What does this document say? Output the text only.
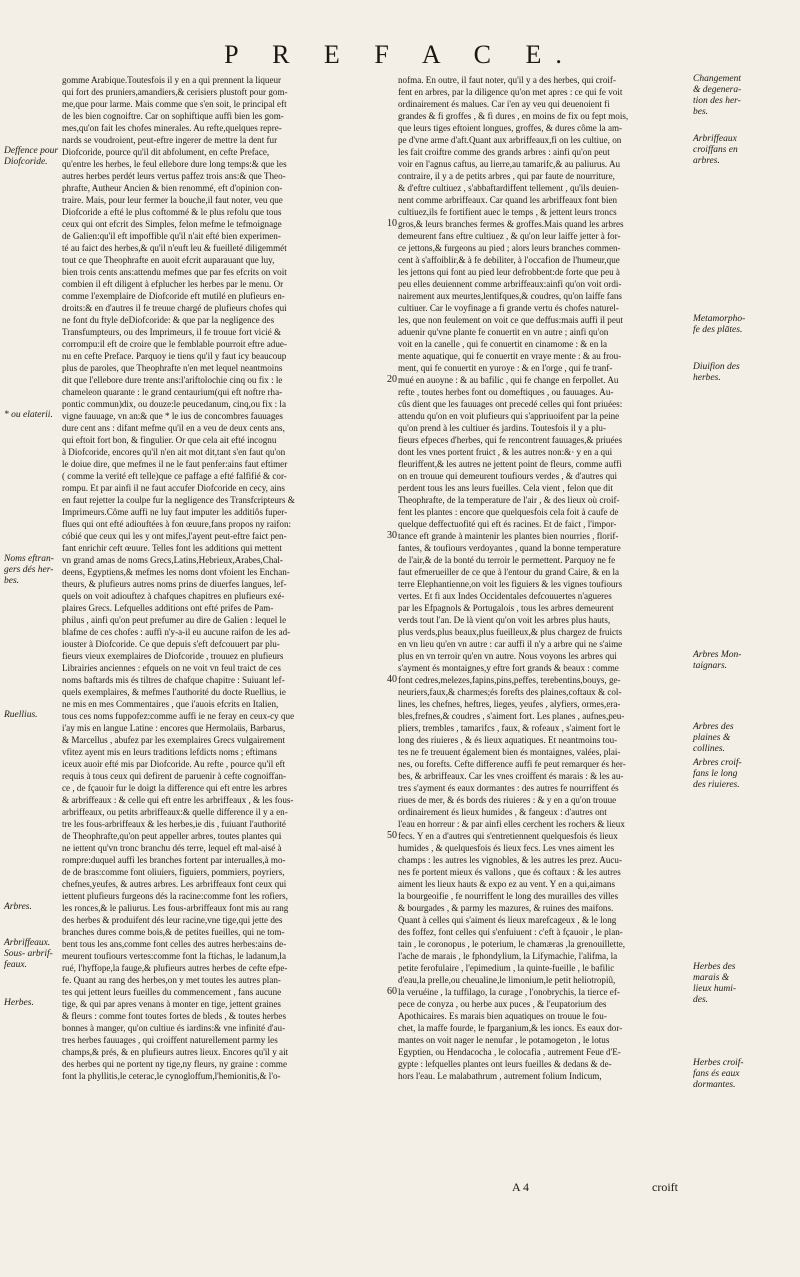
P R E F A C E.

gomme Arabique.Toutesfois il y en a qui prennent la liqueur

qui fort des pruniers,amandiers,& cerisiers plustoft pour gom-

me,que pour larme. Mais comme que s'en soit, le principal eft

de les bien cognoiftre. Car on sophiftique auffi bien les gom-

mes,qu'on fait les chofes minerales. Au refte,quelques repre-

nards se voudroient, peut-eftre ingerer de mettre la dent fur

Diofcoride, pource qu'il dit abfolument, en cefte Preface,

qu'entre les herbes, le feul ellebore dure long temps:& que les

autres herbes perdét leurs vertus paffez trois ans:& que Theo-

phrafte, Autheur Ancien & bien renommé, eft d'opinion con-

traire. Mais, pour leur fermer la bouche,il faut noter, veu que

Diofcoride a efté le plus coftommé & le plus refolu que tous

ceux qui ont efcrit des Simples, felon mefme le tefmoignage

de Galien:qu'il eft impoffible qu'il n'ait efté bien experimen-

té au faict des herbes,& qu'il n'euft leu & fueilleté diligemmét

tout ce que Theophrafte en auoit efcrit auparauant que luy,

bien trois cents ans:attendu mefmes que par fes efcrits on voit

combien il eft diligent à efplucher les herbes par le menu. Or

comme l'exemplaire de Diofcoride eft mutilé en plufieurs en-

droits:& en d'autres il fe treuue chargé de plufieurs chofes qui

ne font du ftyle deDiofcoride: & que par la negligence des

Transfumpteurs, ou des Imprimeurs, il fe trouue fort vicié &

corrompu:il eft de croire que le femblable pourroit eftre adue-

nu en cefte Preface. Parquoy ie tiens qu'il y faut icy beaucoup

plus de paroles, que Theophrafte n'en met lequel neantmoins

dit que l'ellebore dure trente ans:l'ariftolochie cinq ou fix : le

chameleon quarante : le grand centaurium(qui eft noftre rha-

pontic commun)dix, ou douze:le peucedanum, cinq,ou fix : la

vigne fauuage, vn an:& que * le ius de concombres fauuages

dure cent ans : difant mefme qu'il en a veu de deux cents ans,

qui eftoit fort bon, & fingulier. Or que cela ait efté incognu

à Diofcoride, encores qu'il n'en ait mot dit,tant s'en faut qu'on

le doiue dire, que mefmes il ne le faut penfer:ains faut eftimer

( comme la verité eft telle)que ce paffage a efté falfifié & cor-

rompu. Et par ainfi il ne faut accufer Diofcoride en cecy, ains

en faut rejetter la coulpe fur la negligence des Transfcripteurs &

Imprimeurs.Côme auffi ne luy faut imputer les additiôs fuper-

flues qui ont efté adiouftées à fon œuure,fans propos ny raifon:

cóbié que ceux qui les y ont mifes,l'ayent peut-eftre faict pen-

fant enrichir ceft œuure. Telles font les additions qui mettent

vn grand amas de noms Grecs,Latins,Hebrieux,Arabes,Chal-

deens, Egyptiens,& mefmes les noms dont vfoient les Enchan-

theurs, & plufieurs autres noms prins de diuerfes langues, lef-

quels on voit adiouftez à chafques chapitres en plufieurs exé-

plaires Grecs. Lefquelles additions ont efté prifes de Pam-

philus , ainfi qu'on peut prefumer au dire de Galien : lequel le

blafme de ces chofes : auffi n'y-a-il eu aucune raifon de les ad-

iouster à Diofcoride. Ce que depuis s'eft defcouuert par plu-

fieurs vieux exemplaires de Diofcoride , trouuez en plufieurs

Librairies anciennes : efquels on ne voit vn feul traict de ces

noms baftards mis és tiltres de chafque chapitre : Suiuant lef-

quels exemplaires, & mefmes l'authorité du docte Ruellius, ie

ne mis en mes Commentaires , que i'auois efcrits en Italien,

tous ces noms fuppofez:comme auffi ie ne feray en ceux-cy que

i'ay mis en langue Latine : encores que Hermolaüs, Barbarus,

& Marcellus , abufez par les exemplaires Grecs vulgairement

vfitez ayent mis en leurs traditions lefdicts noms ; eftimans

iceux auoir efté mis par Diofcoride. Au refte , pource qu'il eft

requis à tous ceux qui defirent de paruenir à cefte cognoiffan-

ce , de fçauoir fur le doigt la difference qui eft entre les arbres

& arbriffeaux : & celle qui eft entre les arbriffeaux , & les fous-

arbriffeaux, ou petits arbriffeaux:& quelle difference il y a en-

tre les fous-arbriffeaux & les herbes,ie dis , fuiuant l'authorité

de Theophrafte,qu'on peut appeller arbres, toutes plantes qui

ne iettent qu'vn tronc branchu dés terre, lequel eft mal-aisé à

rompre:duquel auffi les branches fortent par interualles,à mo-

de de bras:comme font oliuiers, figuiers, pommiers, poyriers,

chefnes,yeufes, & autres arbres. Les arbriffeaux font ceux qui

iettent plufieurs furgeons dés la racine:comme font les rofiers,

les ronces,& le paliurus. Les fous-arbriffeaux font mis au rang

des herbes & produifent dés leur racine,vne tige,qui jette des

branches dures comme bois,& de petites fueilles, qui ne tom-

bent tous les ans,comme font celles des autres herbes:ains de-

meurent toufiours vertes:comme font la ftichas, le ladanum,la

rué, l'hyffope,la fauge,& plufieurs autres herbes de cefte efpe-

fe. Quant au rang des herbes,on y met toutes les autres plan-

tes qui jettent leurs fueilles du commencement , fans aucune

tige, & qui par apres venans à monter en tige, jettent graines

& fleurs : comme font toutes fortes de bleds , & toutes herbes

bonnes à manger, qu'on cultiue és iardins:& vne infinité d'au-

tres herbes fauuages , qui croiffent naturellement parmy les

champs,& prés, & en plufieurs autres lieux. Encores qu'il y ait

des herbes qui ne portent ny tige,ny fleurs, ny graine : comme

font la phyllitis,le ceterac,le cynogloffum,l'hemionitis,& l'o-

nofma. En outre, il faut noter, qu'il y a des herbes, qui croif-

fent en arbres, par la diligence qu'on met apres : ce qui fe voit

ordinairement és malues. Car i'en ay veu qui deuenoient fi

grandes & fi groffes , & fi dures , en moins de fix ou fept mois,

que leurs tiges eftoient longues, groffes, & dures côme la am-

pe d'vne arme d'aft.Quant aux arbriffeaux,fi on les cultiue, on

les fait croiftre comme des grands arbres : ainfi qu'on peut

voir en l'agnus caftus, au lierre,au tamarifc,& au paliurus. Au

contraire, il y a de petits arbres , qui par faute de nourriture,

& d'eftre cultiuez , s'abbaftardiffent tellement , qu'ils deuien-

nent comme arbriffeaux. Car quand les arbriffeaux font bien

cultiuez,ils fe fortifient auec le temps , & jettent leurs troncs

gros,& leurs branches fermes & groffes.Mais quand les arbres

demeurent fans eftre cultiuez , & qu'on leur laiffe jetter à for-

ce jettons,& furgeons au pied ; alors leurs branches commen-

cent à s'affoiblir,& à fe debiliter, à l'occafion de l'humeur,que

les jettons qui font au pied leur defrobbent:de forte que peu à

peu elles deuiennent comme arbriffeaux:ainfi qu'on voit ordi-

nairement aux meurtes,lentifques,& coudres, qu'on laiffe fans

cultiuer. Car le voyfinage a fi grande vertu és chofes naturel-

les, que non feulement on voit ce que deffus:mais auffi il peut

aduenir qu'vne plante fe conuertit en vn autre ; ainfi qu'on

voit en la canelle , qui fe conuertit en cinamome : & en la

mente aquatique, qui fe conuertit en vraye mente : & au frou-

ment, qui fe conuertit en yuroye : & en l'orge , qui fe tranf-

mué en auoyne : & au bafilic , qui fe change en ferpollet. Au

refte , toutes herbes font ou domeftiques , ou fauuages. Au-

cûs dient que les fauuages ont precedé celles qui font priuées:

attendu qu'on en voit plufieurs qui s'appriuoifent par la peine

qu'on prend à les cultiuer és jardins. Toutesfois il y a plu-

fieurs efpeces d'herbes, qui fe rencontrent fauuages,& priuées

dont les vnes portent fruict , & les autres non:&· y en a qui

fleuriffent,& les autres ne jettent point de fleurs, comme auffi

on en trouue qui demeurent toufiours verdes , & d'autres qui

perdent tous les ans leurs fueilles. Cela vient , felon que dit

Theophrafte, de la temperature de l'air , & des lieux où croif-

fent les plantes : encore que quelquesfois cela foit à caufe de

quelque deffectuofité qui eft és racines. Et de faict , l'impor-

tance eft grande à maintenir les plantes bien nourries , florif-

fantes, & toufiours verdoyantes , quand la bonne temperature

de l'air,& de la bonté du terroir le permettent. Parquoy ne fe

faut efmerueiller de ce que à l'entour du grand Caire, & en la

terre Elephantienne,on voit les figuiers & les vignes toufiours

vertes. Et fi aux Indes Occidentales defcouuertes n'agueres

par les Efpagnols & Portugalois , tous les arbres demeurent

verds tout l'an. De là vient qu'on voit les arbres plus hauts,

plus verds,plus beaux,plus fueilleux,& plus chargez de fruicts

en vn lieu qu'en vn autre : car auffi il n'y a arbre qui ne s'aime

plus en vn terroir qu'en vn autre. Nous voyons les arbres qui

s'ayment és montaignes,y eftre fort grands & beaux : comme

font cedres,melezes,fapins,pins,peffes, terebentins,bouys, ge-

neuriers,faux,& charmes;és forefts des plaines,coftaux & col-

lines, les chefnes, heftres, lieges, yeufes , alyfiers, ormes,era-

bles,frefnes,& coudres , s'aiment fort. Les planes , aufnes,peu-

pliers, trembles , tamarifcs , faux, & rofeaux , s'aiment fort le

long des riuieres , & és lieux aquatiques. Et neantmoins tou-

tes ne fe treuuent également bien és montaignes, valées, plai-

nes, ou forefts. Cefte difference auffi fe peut remarquer és her-

bes, & arbriffeaux. Car les vnes croiffent és marais : & les au-

tres s'ayment és eaux dormantes : des autres fe nourriffent és

riues de mer, & és bords des riuieres : & y en a qu'on trouue

ordinairement és lieux humides , & fangeux : d'autres ont

l'eau en horreur : & par ainfi elles cerchent les rochers & lieux

fecs. Y en a d'autres qui s'entretiennent quelquesfois és lieux

humides , & quelquesfois és lieux fecs. Les vnes aiment les

champs : les autres les vignobles, & les autres les prez. Aucu-

nes fe portent mieux és vallons , que és coftaux : & les autres

aiment les lieux hauts & expo ez au vent. Y en a qui,aimans

la bourgeoifie , fe nourriffent le long des murailles des villes

& bourgades , & parmy les mazures, & ruines des maifons.

Quant à celles qui s'aiment és lieux marefcageux , & le long

des foffez, font celles qui s'enfuiuent : c'eft à fçauoir , le plan-

tain , le coronopus , le poterium, le chamæras ,la grenouillette,

l'ache de marais , le fphondylium, la Lifymachie, l'alifma, la

petite ferofulaire , l'epimedium , la quinte-fueille , le bafilic

d'eau,la prelle,ou cheualine,le limonium,le petit heliotropiũ,

la veruéine , la tuffilago, la curage , l'onobrychis, la tierce ef-

pece de conyza , ou herbe aux puces , & l'eupatorium des

Apothicaires. Es marais bien aquatiques on trouue le fou-

chet, la maffe fourde, le fparganium,& les ioncs. Es eaux dor-

mantes on voit nager le nenufar , le potamogeton , le lotus

Egyptien, ou Hendacocha , le colocafia , autrement Feue d'E-

gypte : lefquelles plantes ont leurs fueilles & dedans & de-

hors l'eau. Le malabathrum , autrement folium Indicum,

Deffence pour
Diofcoride.
* ou elaterii.
Noms eftran-
gers dés her-
bes.
Ruellius.
Arbres.
Arbriffeaux.
Sous- arbrif-
feaux.
Herbes.
Changement
& degenera-
tion des her-
bes.
Arbriffeaux
croiffans en
arbres.
Metamorpho-
fe des plātes.
Diuifion des
herbes.
Arbres Mon-
taignars.
Arbres des
plaines &
collines.
Arbres croif-
fans le long
des riuieres.
Herbes des
marais &
lieux humi-
des.
Herbes croif-
fans és eaux
dormantes.
10
20
30
40
50
60
A 4	croift
